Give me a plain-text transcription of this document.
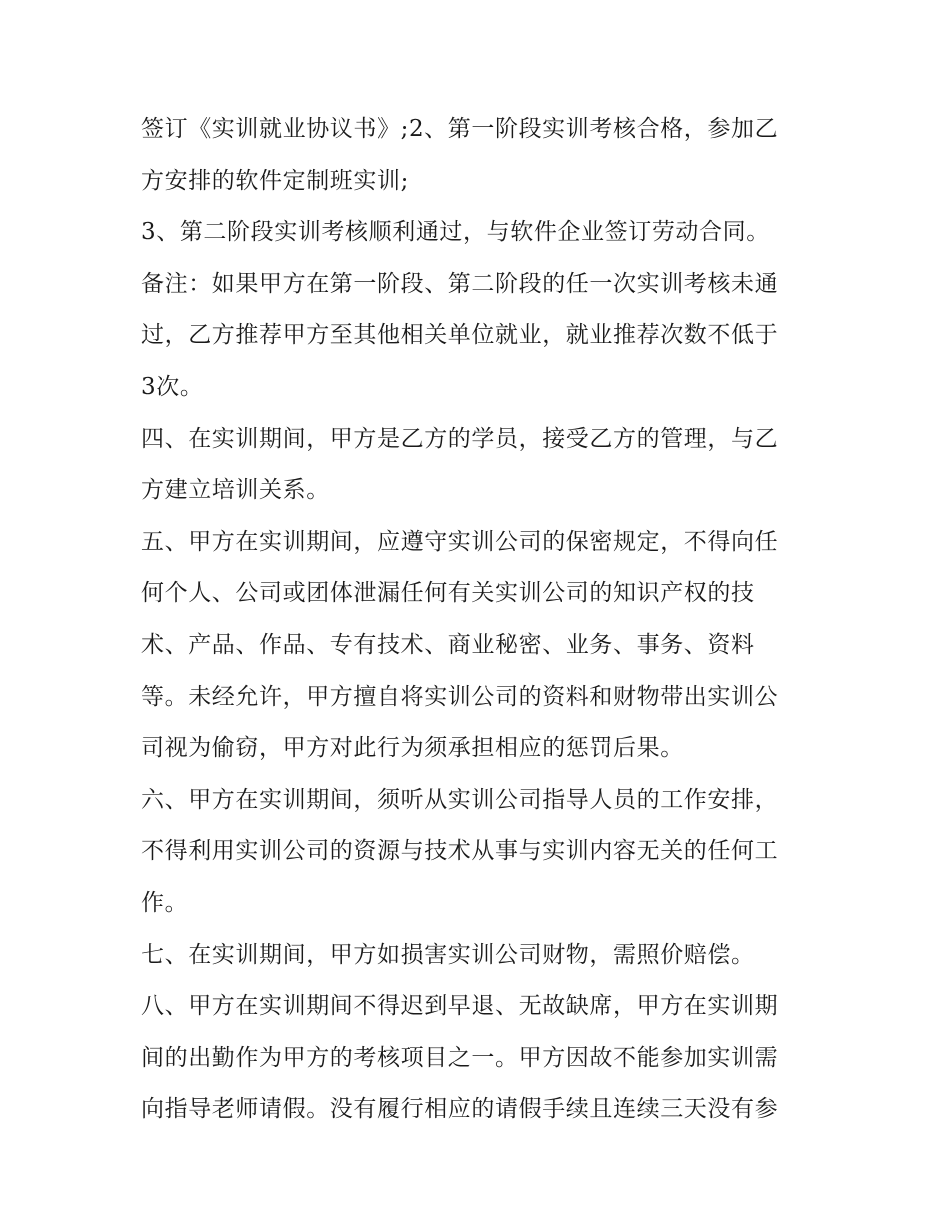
签订《实训就业协议书》;2、第一阶段实训考核合格，参加乙
方安排的软件定制班实训;
3、第二阶段实训考核顺利通过，与软件企业签订劳动合同。
备注：如果甲方在第一阶段、第二阶段的任一次实训考核未通
过，乙方推荐甲方至其他相关单位就业，就业推荐次数不低于
3次。
四、在实训期间，甲方是乙方的学员，接受乙方的管理，与乙
方建立培训关系。
五、甲方在实训期间，应遵守实训公司的保密规定，不得向任
何个人、公司或团体泄漏任何有关实训公司的知识产权的技
术、产品、作品、专有技术、商业秘密、业务、事务、资料
等。未经允许，甲方擅自将实训公司的资料和财物带出实训公
司视为偷窃，甲方对此行为须承担相应的惩罚后果。
六、甲方在实训期间，须听从实训公司指导人员的工作安排，
不得利用实训公司的资源与技术从事与实训内容无关的任何工
作。
七、在实训期间，甲方如损害实训公司财物，需照价赔偿。
八、甲方在实训期间不得迟到早退、无故缺席，甲方在实训期
间的出勤作为甲方的考核项目之一。甲方因故不能参加实训需
向指导老师请假。没有履行相应的请假手续且连续三天没有参
